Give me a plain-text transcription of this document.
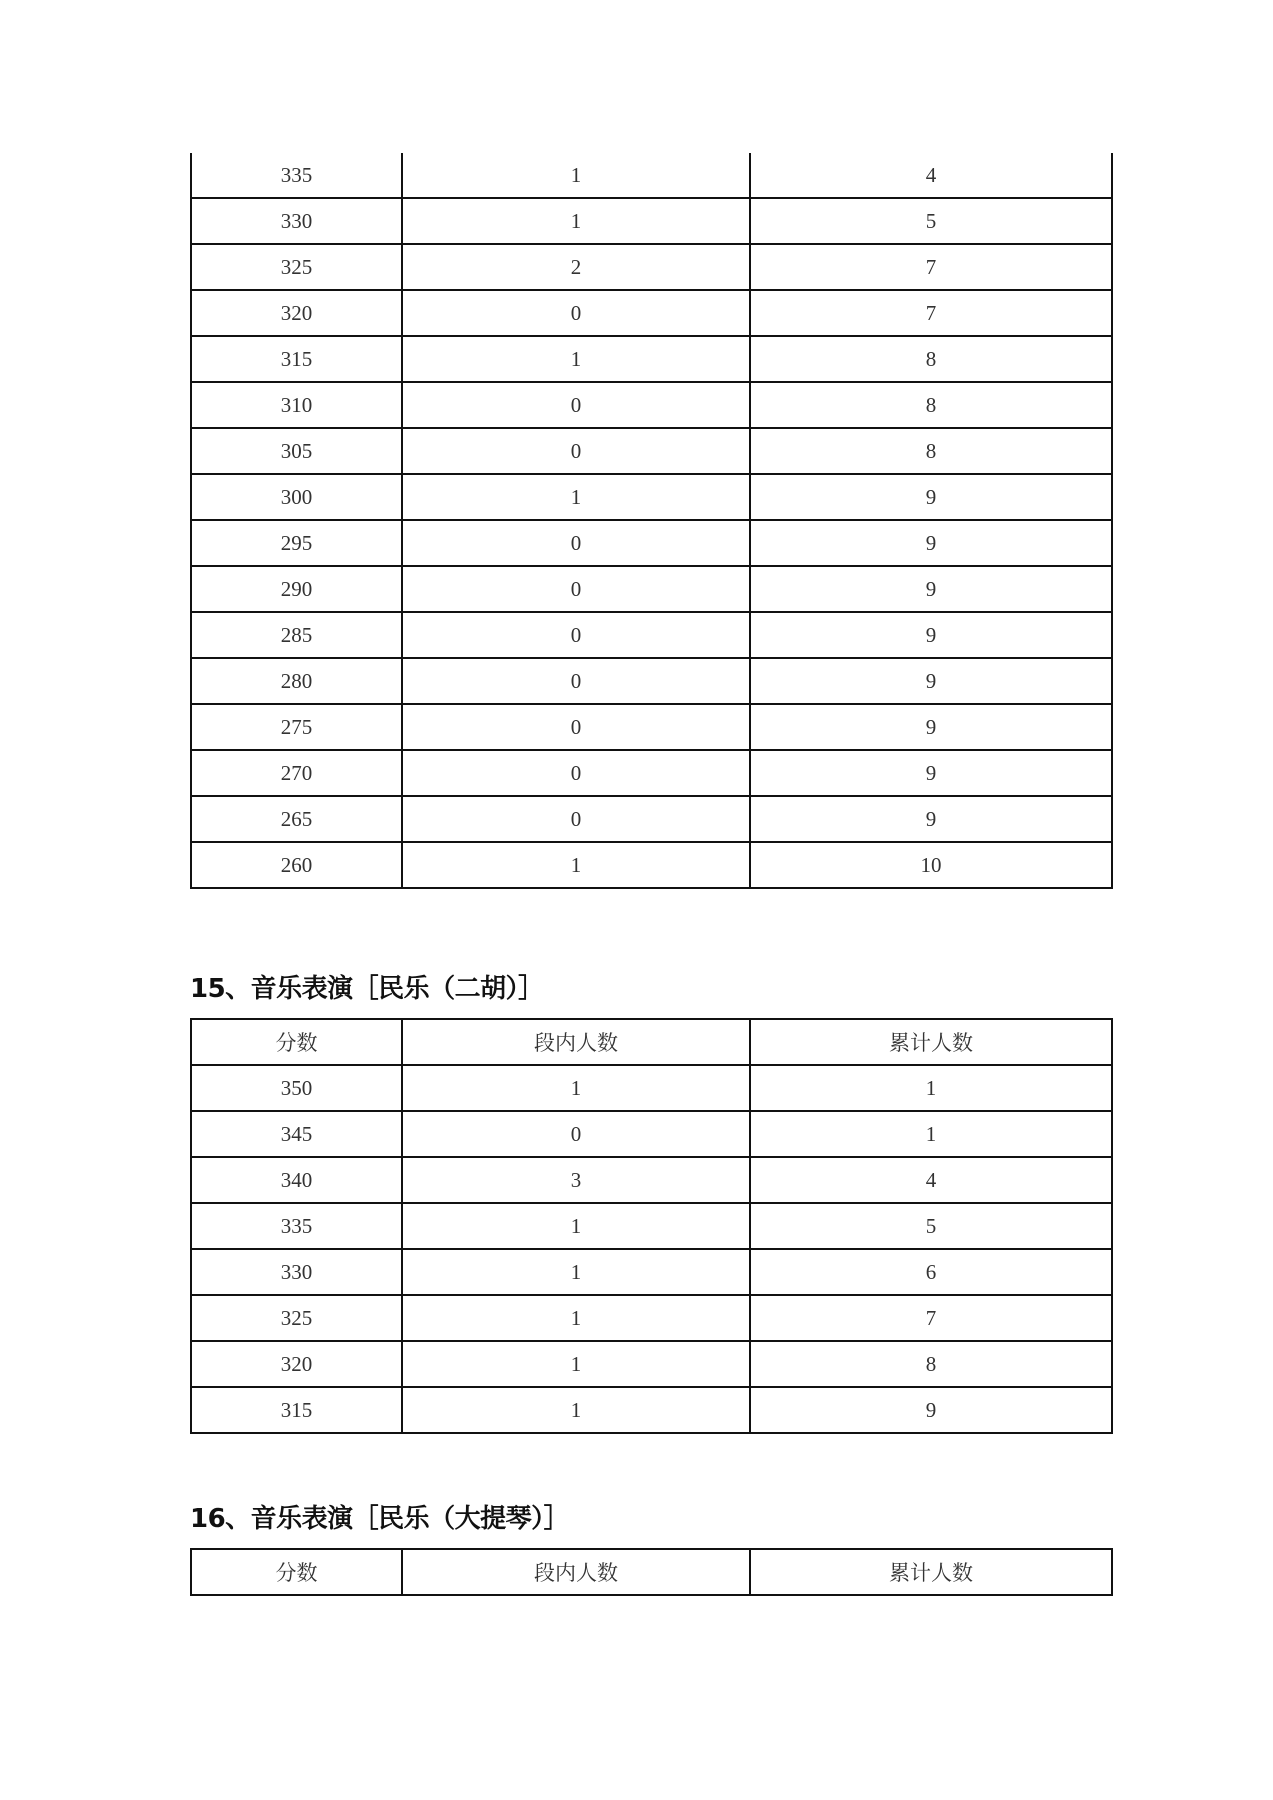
335	1	4
330	1	5
325	2	7
320	0	7
315	1	8
310	0	8
305	0	8
300	1	9
295	0	9
290	0	9
285	0	9
280	0	9
275	0	9
270	0	9
265	0	9
260	1	10
15、音乐表演［民乐（二胡）］
分数	段内人数	累计人数
350	1	1
345	0	1
340	3	4
335	1	5
330	1	6
325	1	7
320	1	8
315	1	9
16、音乐表演［民乐（大提琴）］
分数	段内人数	累计人数
